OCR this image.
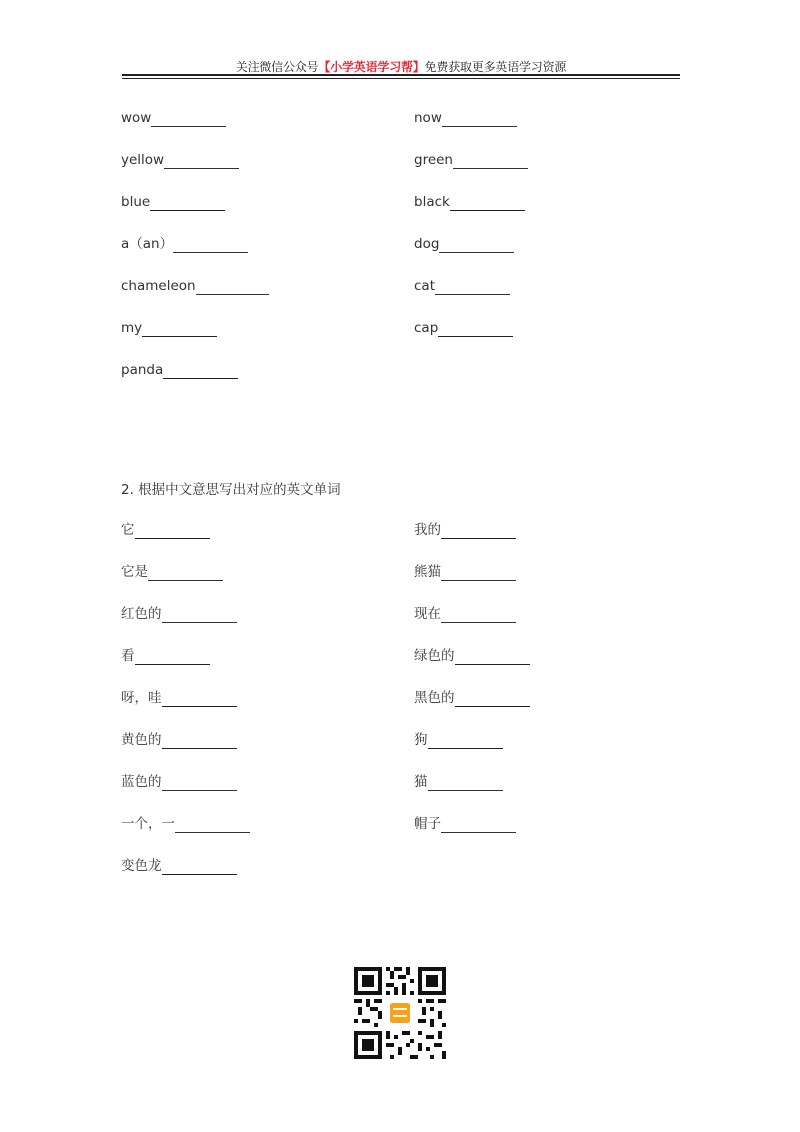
关注微信公众号【小学英语学习帮】免费获取更多英语学习资源
wow	now
yellow	green
blue	black
a（an）	dog
chameleon	cat
my	cap
panda
2. 根据中文意思写出对应的英文单词
它	我的
它是	熊猫
红色的	现在
看	绿色的
呀，哇	黑色的
黄色的	狗
蓝色的	猫
一个，一	帽子
变色龙
